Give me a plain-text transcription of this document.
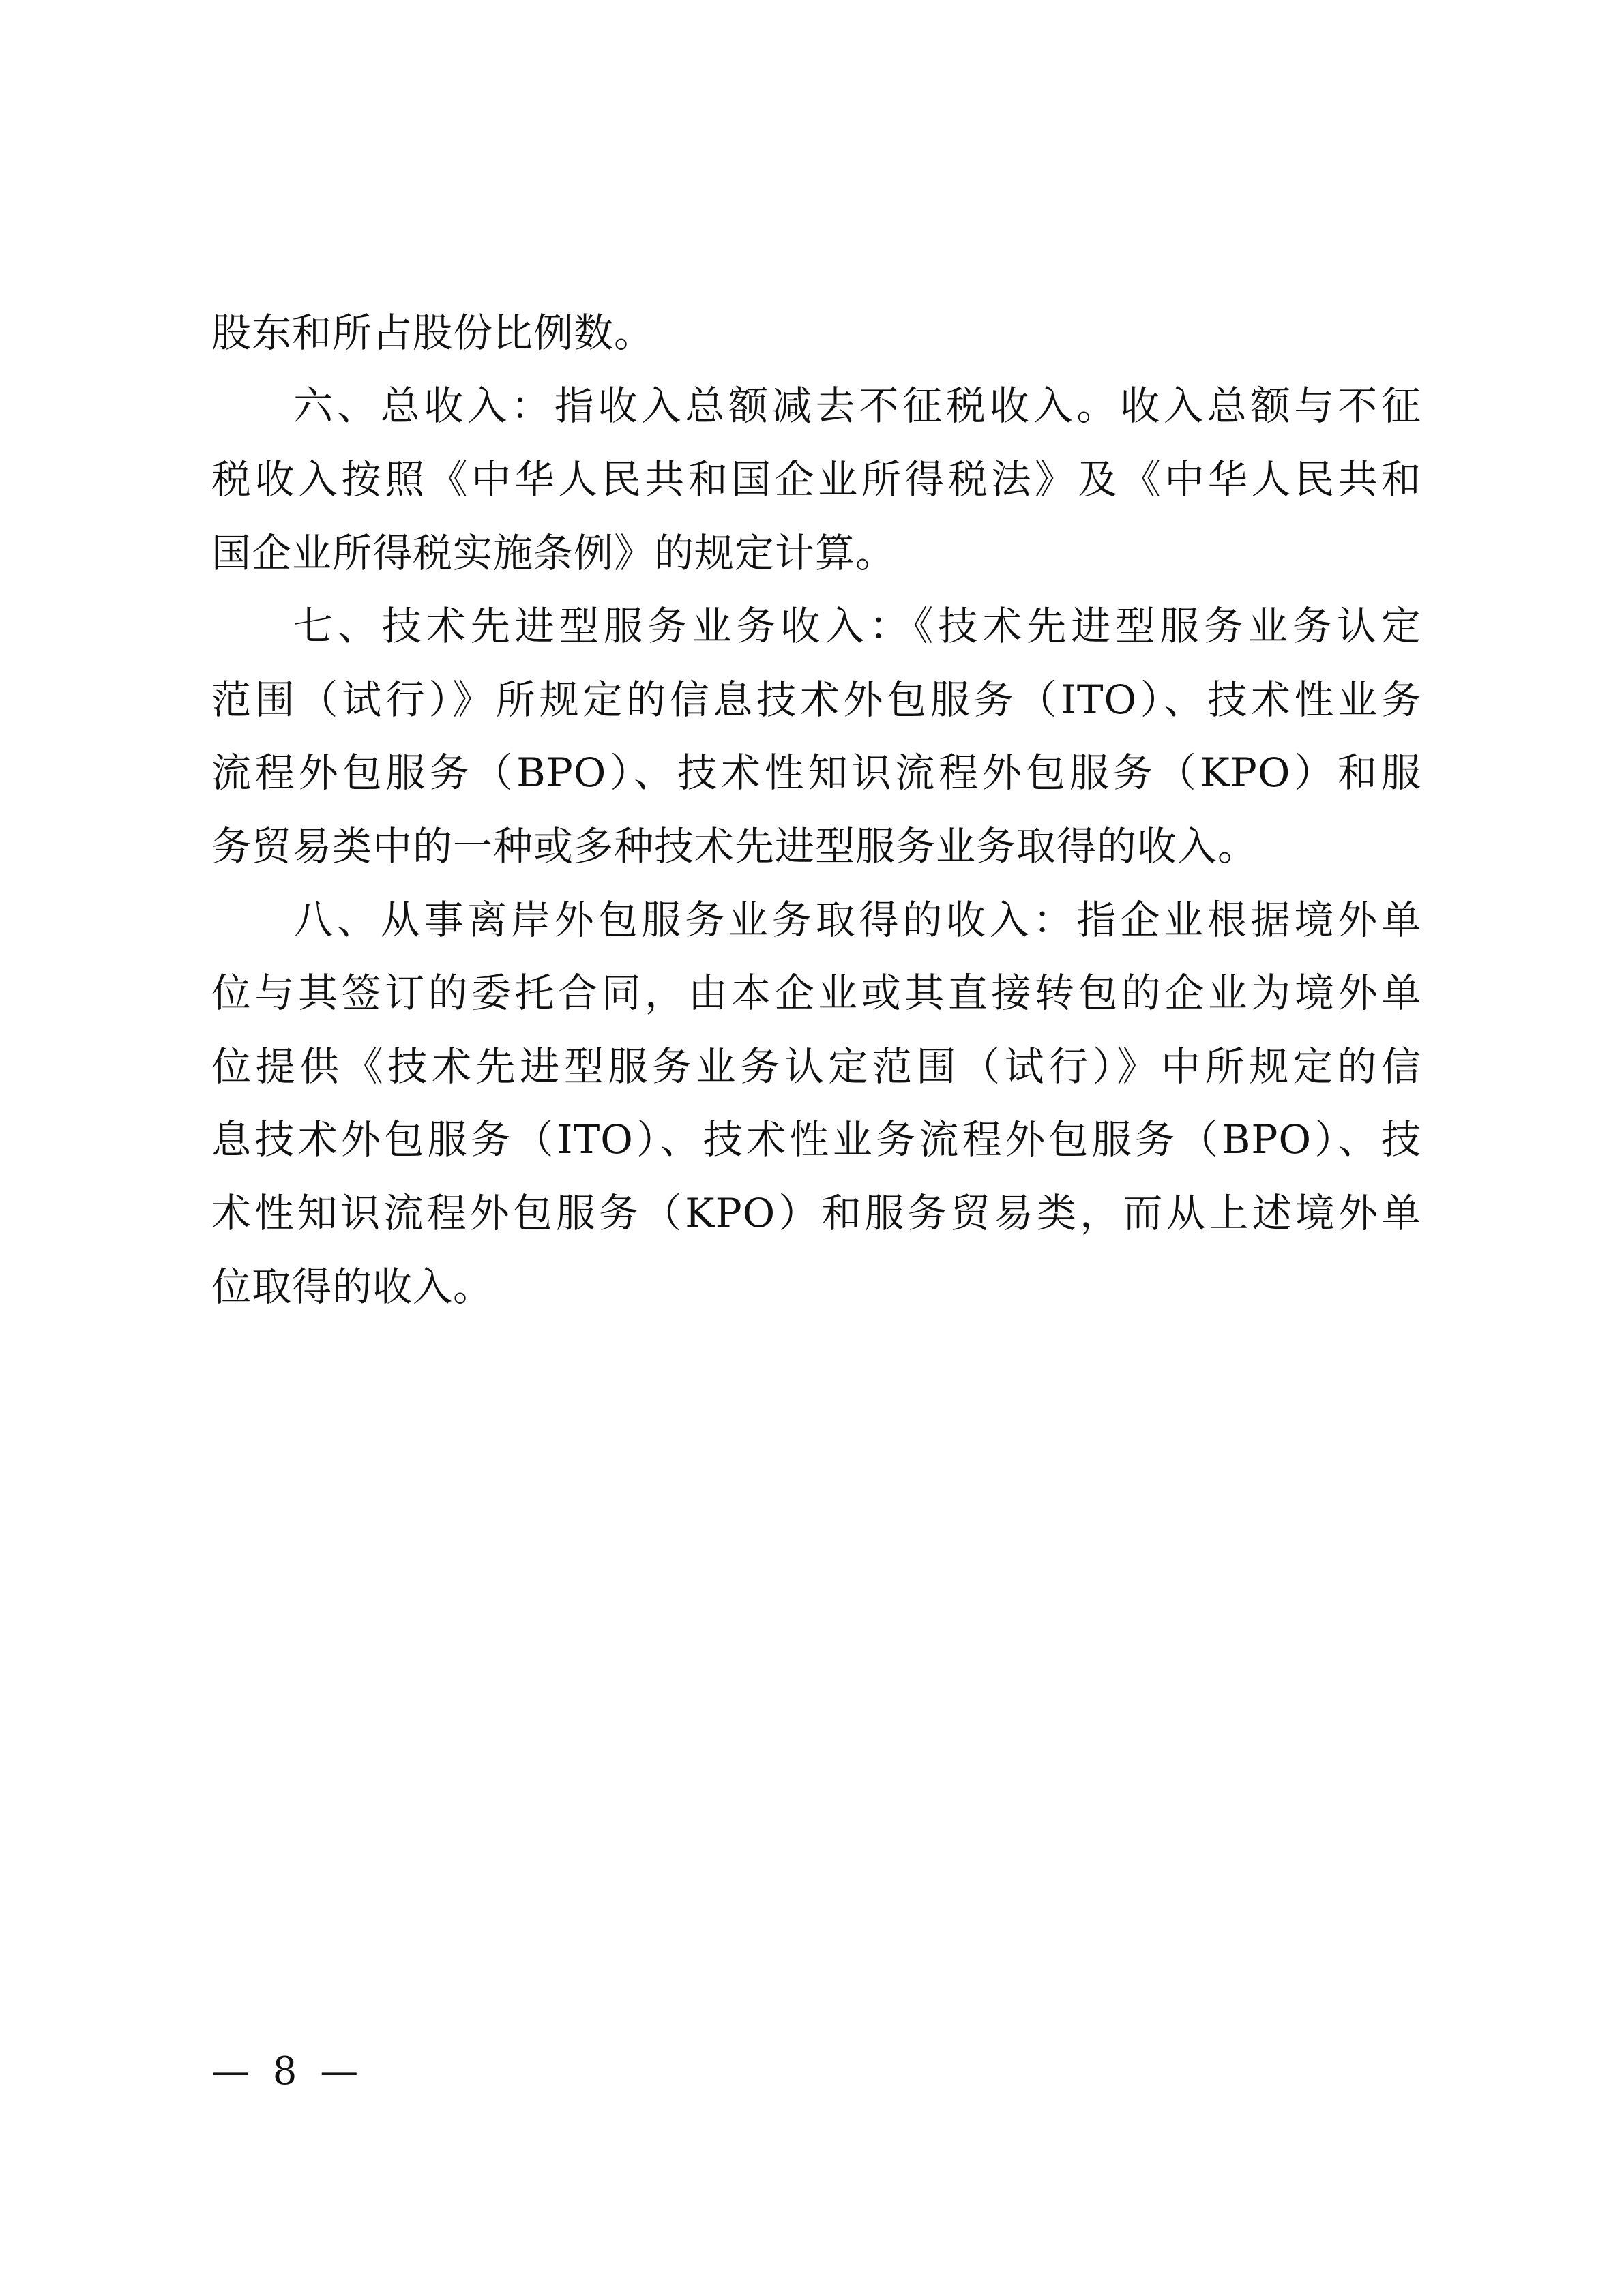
股东和所占股份比例数。
六、总收入：指收入总额减去不征税收入。收入总额与不征
税收入按照《中华人民共和国企业所得税法》及《中华人民共和
国企业所得税实施条例》的规定计算。
七、技术先进型服务业务收入：《技术先进型服务业务认定
范围（试行）》所规定的信息技术外包服务（ITO）、技术性业务
流程外包服务（BPO）、技术性知识流程外包服务（KPO）和服
务贸易类中的一种或多种技术先进型服务业务取得的收入。
八、从事离岸外包服务业务取得的收入：指企业根据境外单
位与其签订的委托合同，由本企业或其直接转包的企业为境外单
位提供《技术先进型服务业务认定范围（试行）》中所规定的信
息技术外包服务（ITO）、技术性业务流程外包服务（BPO）、技
术性知识流程外包服务（KPO）和服务贸易类，而从上述境外单
位取得的收入。
— 8 —
